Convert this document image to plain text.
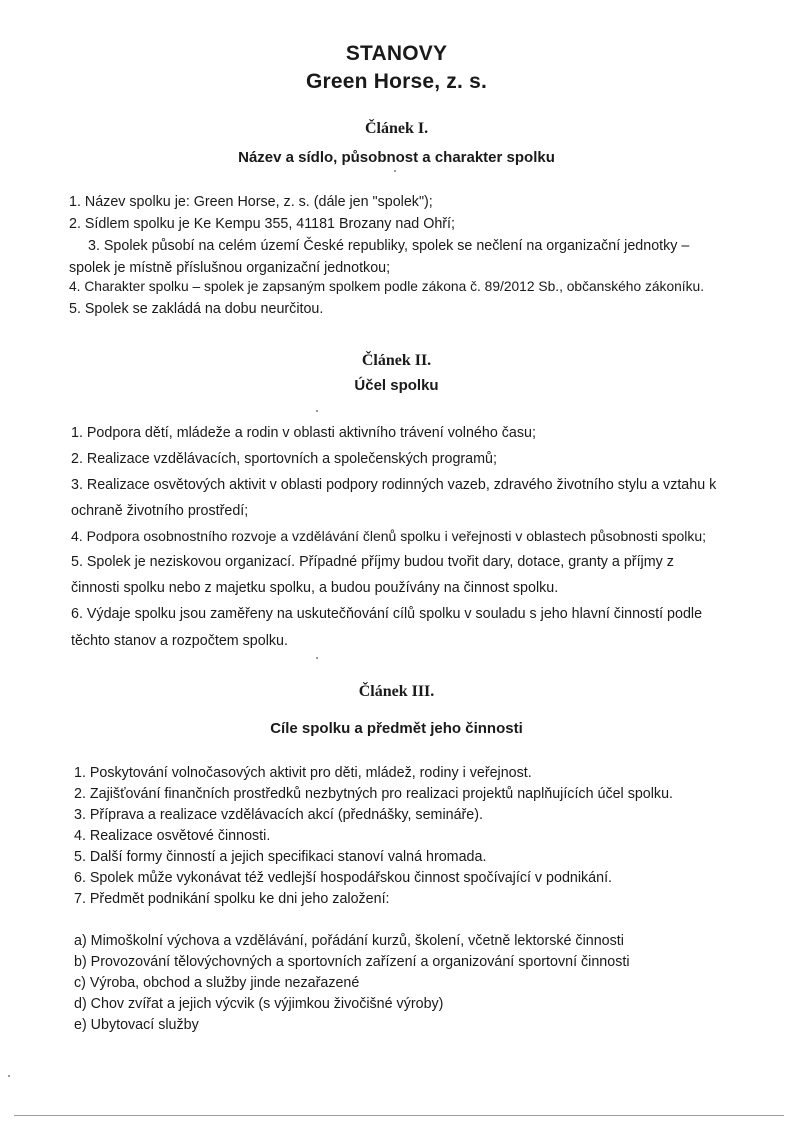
STANOVY
Green Horse, z. s.
Článek I.
Název a sídlo, působnost a charakter spolku
1. Název spolku je: Green Horse, z. s. (dále jen "spolek");
2. Sídlem spolku je Ke Kempu 355, 41181 Brozany nad Ohří;
3. Spolek působí na celém území České republiky, spolek se nečlení na organizační jednotky –
spolek je místně příslušnou organizační jednotkou;
4. Charakter spolku – spolek je zapsaným spolkem podle zákona č. 89/2012 Sb., občanského zákoníku.
5. Spolek se zakládá na dobu neurčitou.
Článek II.
Účel spolku
1. Podpora dětí, mládeže a rodin v oblasti aktivního trávení volného času;
2. Realizace vzdělávacích, sportovních a společenských programů;
3. Realizace osvětových aktivit v oblasti podpory rodinných vazeb, zdravého životního stylu a vztahu k
ochraně životního prostředí;
4. Podpora osobnostního rozvoje a vzdělávání členů spolku i veřejnosti v oblastech působnosti spolku;
5. Spolek je neziskovou organizací. Případné příjmy budou tvořit dary, dotace, granty a příjmy z
činnosti spolku nebo z majetku spolku, a budou používány na činnost spolku.
6. Výdaje spolku jsou zaměřeny na uskutečňování cílů spolku v souladu s jeho hlavní činností podle
těchto stanov a rozpočtem spolku.
Článek III.
Cíle spolku a předmět jeho činnosti
1. Poskytování volnočasových aktivit pro děti, mládež, rodiny i veřejnost.
2. Zajišťování finančních prostředků nezbytných pro realizaci projektů naplňujících účel spolku.
3. Příprava a realizace vzdělávacích akcí (přednášky, semináře).
4. Realizace osvětové činnosti.
5. Další formy činností a jejich specifikaci stanoví valná hromada.
6. Spolek může vykonávat též vedlejší hospodářskou činnost spočívající v podnikání.
7. Předmět podnikání spolku ke dni jeho založení:
a) Mimoškolní výchova a vzdělávání, pořádání kurzů, školení, včetně lektorské činnosti
b) Provozování tělovýchovných a sportovních zařízení a organizování sportovní činnosti
c) Výroba, obchod a služby jinde nezařazené
d) Chov zvířat a jejich výcvik (s výjimkou živočišné výroby)
e) Ubytovací služby
